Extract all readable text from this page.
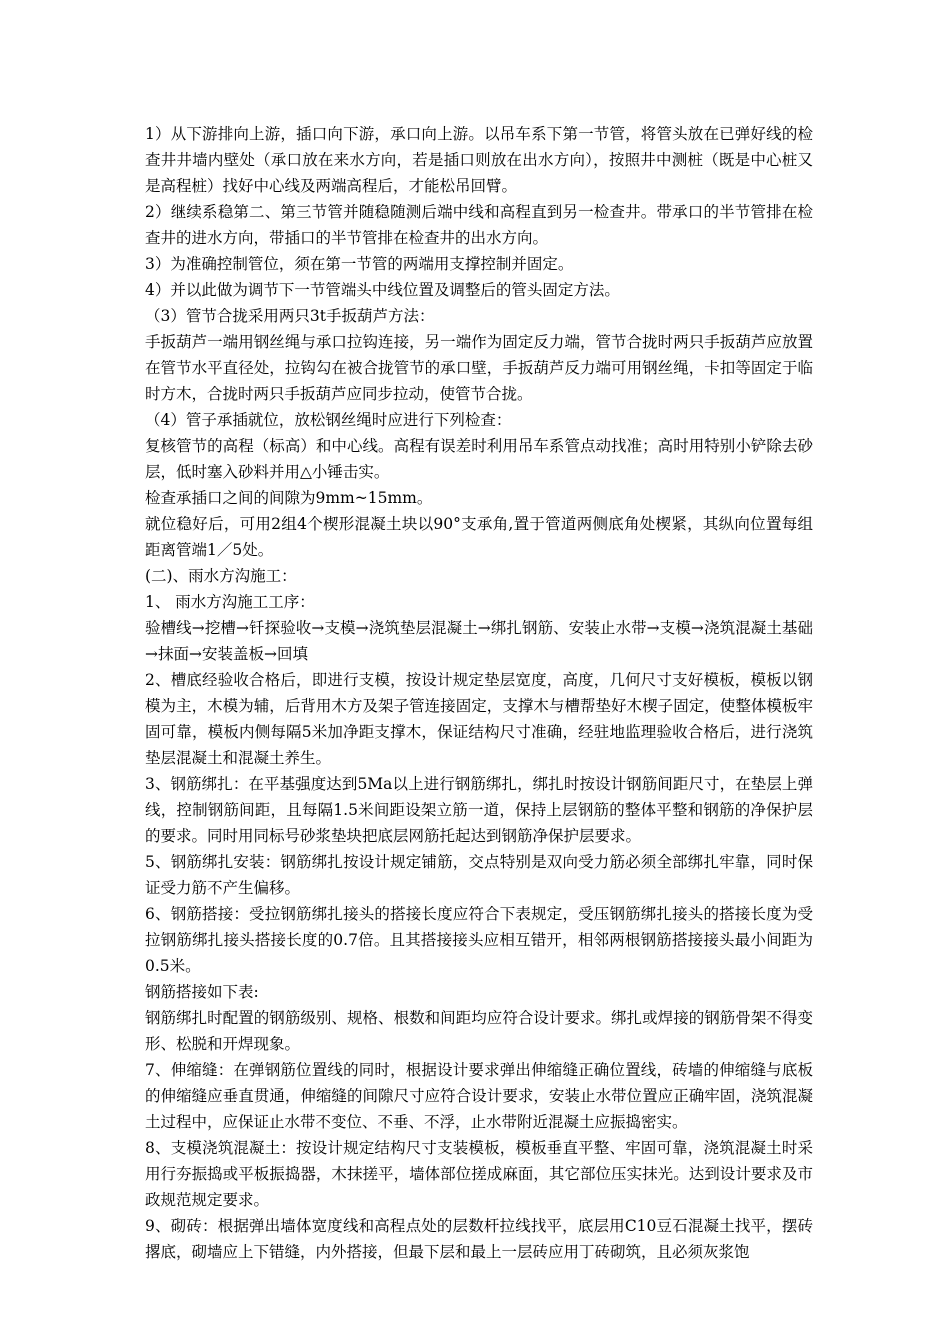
1）从下游排向上游，插口向下游，承口向上游。以吊车系下第一节管，将管头放在已弹好线的检查井井墙内壁处（承口放在来水方向，若是插口则放在出水方向），按照井中测桩（既是中心桩又是高程桩）找好中心线及两端高程后，才能松吊回臂。

2）继续系稳第二、第三节管并随稳随测后端中线和高程直到另一检查井。带承口的半节管排在检查井的进水方向，带插口的半节管排在检查井的出水方向。

3）为准确控制管位，须在第一节管的两端用支撑控制并固定。

4）并以此做为调节下一节管端头中线位置及调整后的管头固定方法。

（3）管节合拢采用两只3t手扳葫芦方法：

手扳葫芦一端用钢丝绳与承口拉钩连接，另一端作为固定反力端，管节合拢时两只手扳葫芦应放置在管节水平直径处，拉钩勾在被合拢管节的承口壁，手扳葫芦反力端可用钢丝绳，卡扣等固定于临时方木，合拢时两只手扳葫芦应同步拉动，使管节合拢。

（4）管子承插就位，放松钢丝绳时应进行下列检查：

复核管节的高程（标高）和中心线。高程有误差时利用吊车系管点动找准；高时用特别小铲除去砂层，低时塞入砂料并用△小锤击实。

检查承插口之间的间隙为9mm~15mm。

就位稳好后，可用2组4个楔形混凝土块以90°支承角,置于管道两侧底角处楔紧，其纵向位置每组距离管端1／5处。

(二)、雨水方沟施工：

1、 雨水方沟施工工序：

验槽线→挖槽→钎探验收→支模→浇筑垫层混凝土→绑扎钢筋、安装止水带→支模→浇筑混凝土基础→抹面→安装盖板→回填

2、槽底经验收合格后，即进行支模，按设计规定垫层宽度，高度，几何尺寸支好模板，模板以钢模为主，木模为辅，后背用木方及架子管连接固定，支撑木与槽帮垫好木楔子固定，使整体模板牢固可靠，模板内侧每隔5米加净距支撑木，保证结构尺寸准确，经驻地监理验收合格后，进行浇筑垫层混凝土和混凝土养生。

3、钢筋绑扎：在平基强度达到5Ma以上进行钢筋绑扎，绑扎时按设计钢筋间距尺寸，在垫层上弹线，控制钢筋间距，且每隔1.5米间距设架立筋一道，保持上层钢筋的整体平整和钢筋的净保护层的要求。同时用同标号砂浆垫块把底层网筋托起达到钢筋净保护层要求。

5、钢筋绑扎安装：钢筋绑扎按设计规定铺筋，交点特别是双向受力筋必须全部绑扎牢靠，同时保证受力筋不产生偏移。

6、钢筋搭接：受拉钢筋绑扎接头的搭接长度应符合下表规定，受压钢筋绑扎接头的搭接长度为受拉钢筋绑扎接头搭接长度的0.7倍。且其搭接接头应相互错开，相邻两根钢筋搭接接头最小间距为0.5米。

钢筋搭接如下表:

钢筋绑扎时配置的钢筋级别、规格、根数和间距均应符合设计要求。绑扎或焊接的钢筋骨架不得变形、松脱和开焊现象。

7、伸缩缝：在弹钢筋位置线的同时，根据设计要求弹出伸缩缝正确位置线，砖墙的伸缩缝与底板的伸缩缝应垂直贯通，伸缩缝的间隙尺寸应符合设计要求，安装止水带位置应正确牢固，浇筑混凝土过程中，应保证止水带不变位、不垂、不浮，止水带附近混凝土应振捣密实。

8、支模浇筑混凝土：按设计规定结构尺寸支装模板，模板垂直平整、牢固可靠，浇筑混凝土时采用行夯振捣或平板振捣器，木抹搓平，墙体部位搓成麻面，其它部位压实抹光。达到设计要求及市政规范规定要求。

9、砌砖：根据弹出墙体宽度线和高程点处的层数杆拉线找平，底层用C10豆石混凝土找平，摆砖撂底，砌墙应上下错缝，内外搭接，但最下层和最上一层砖应用丁砖砌筑，且必须灰浆饱
